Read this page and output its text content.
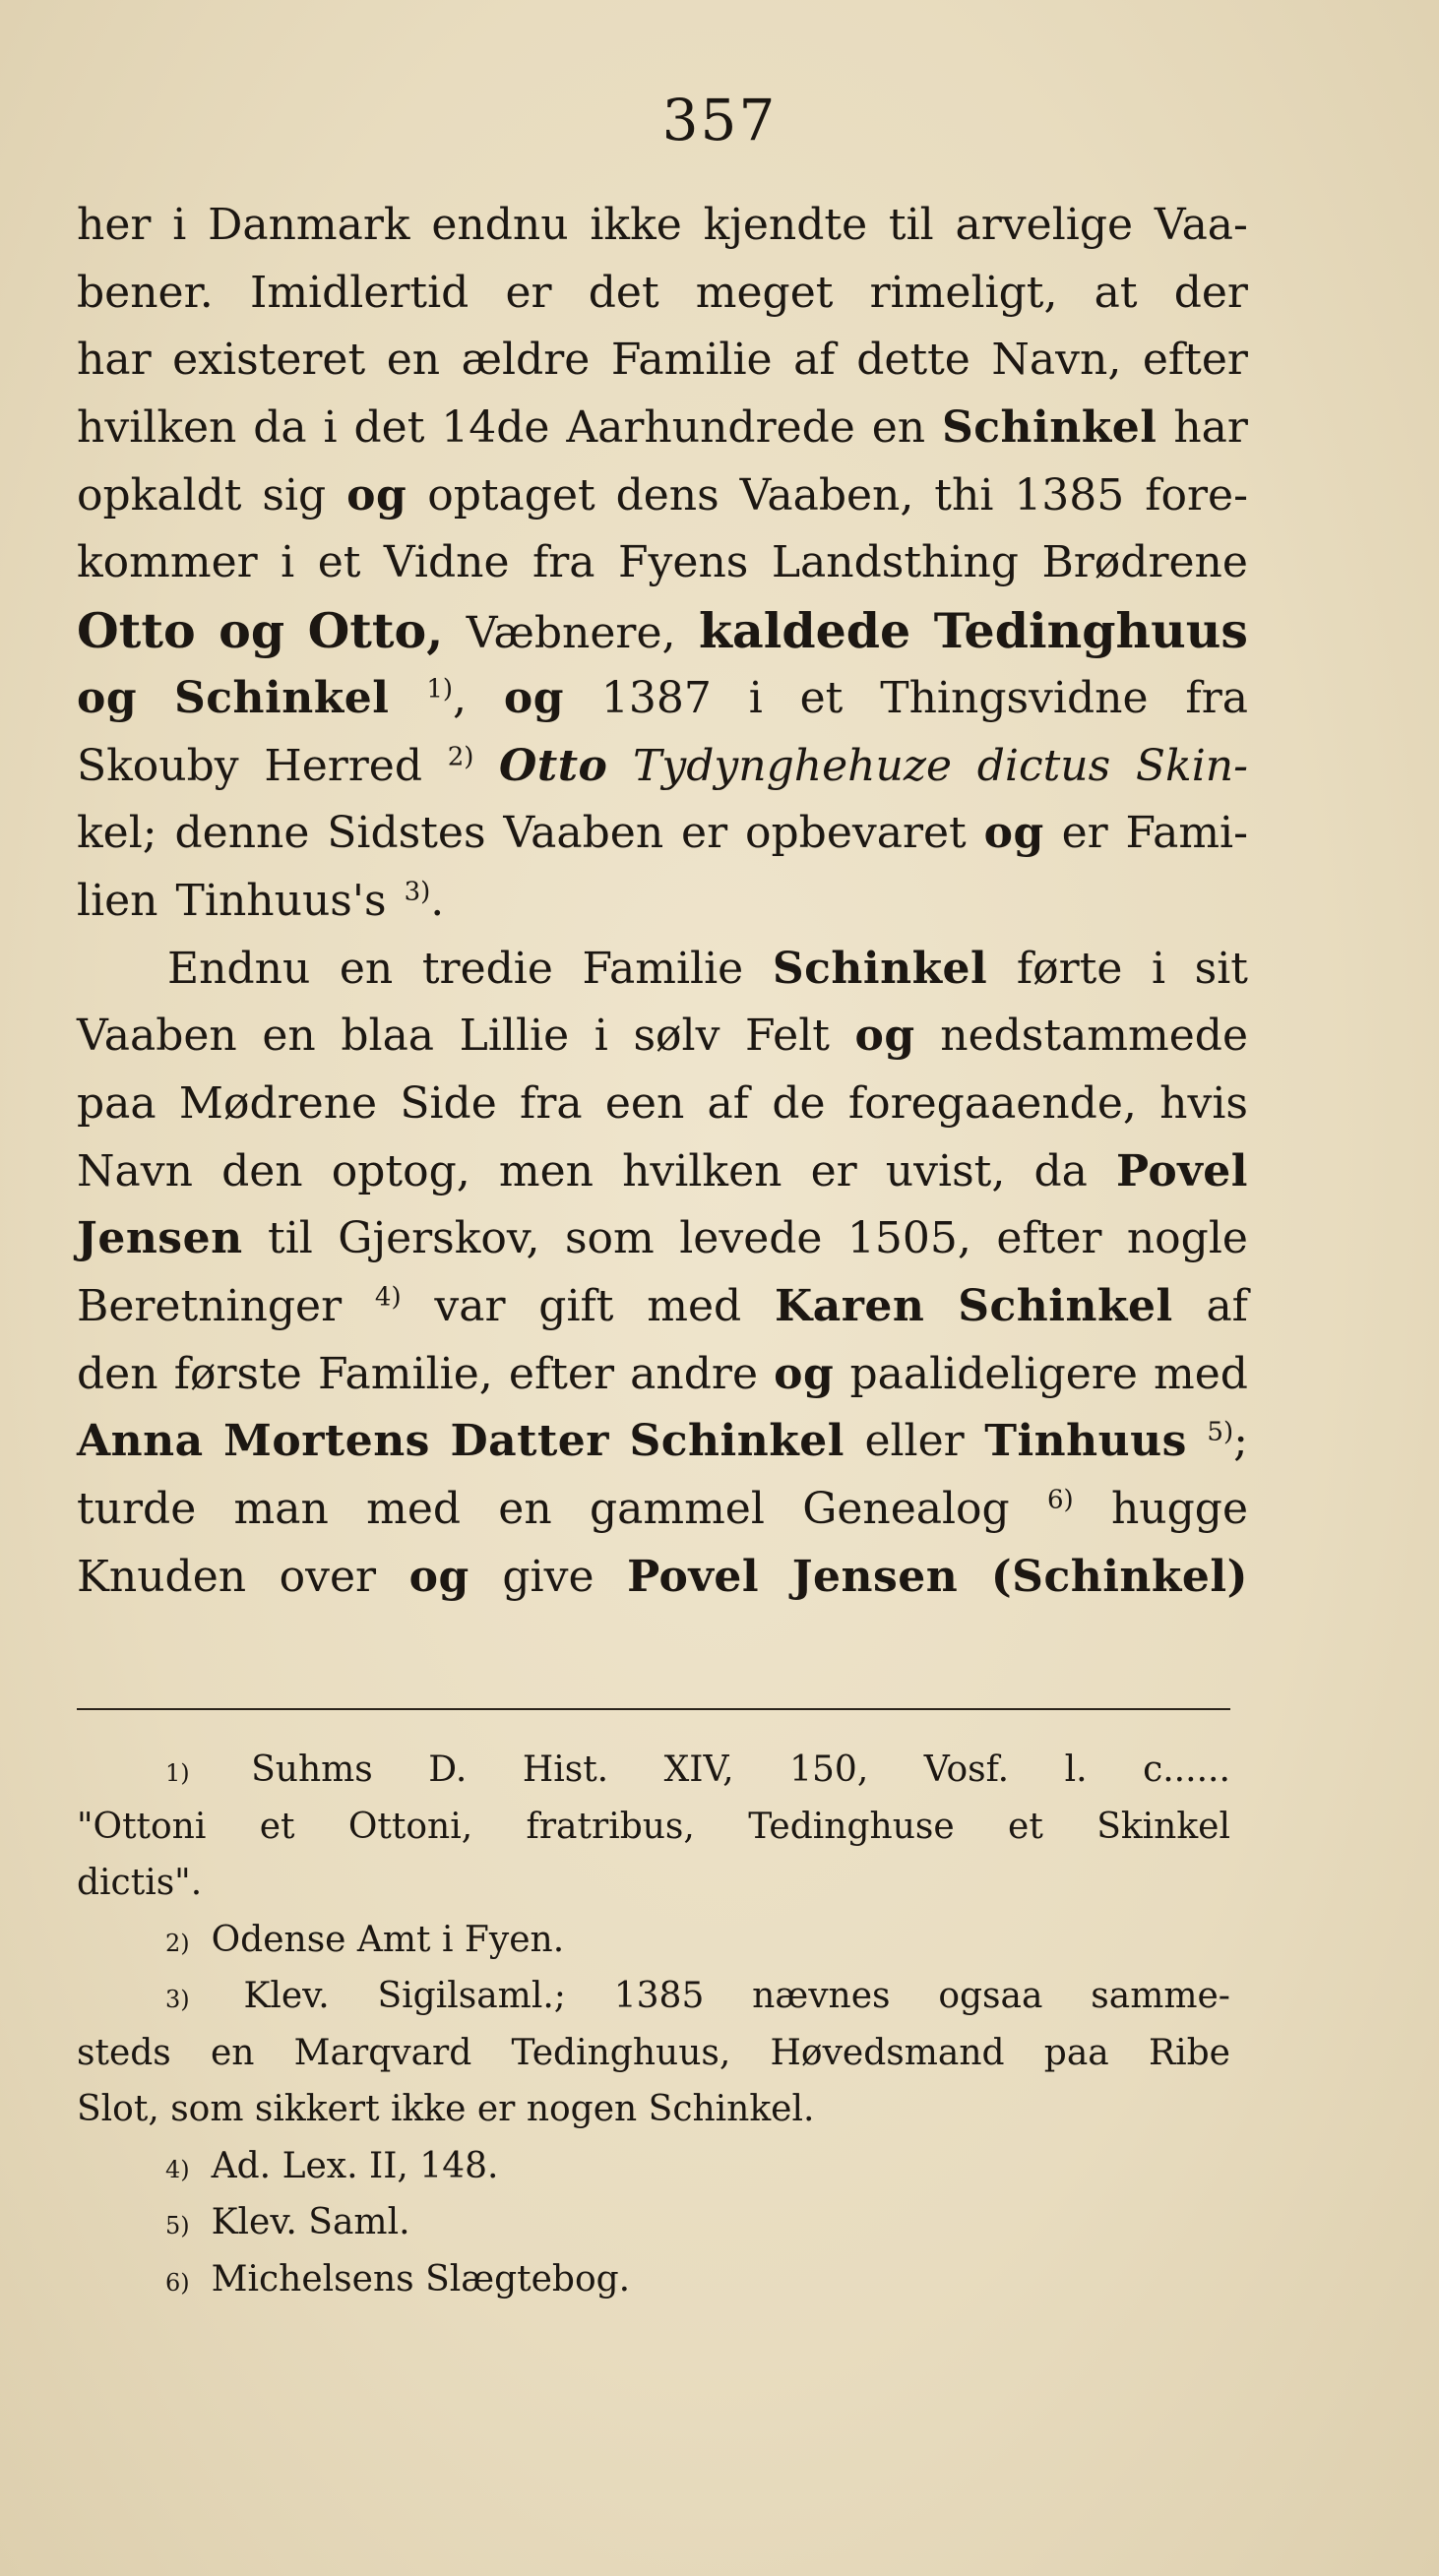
357
her i Danmark endnu ikke kjendte til arvelige Vaa-
bener. Imidlertid er det meget rimeligt, at der
har existeret en ældre Familie af dette Navn, efter
hvilken da i det 14de Aarhundrede en Schinkel har
opkaldt sig og optaget dens Vaaben, thi 1385 fore-
kommer i et Vidne fra Fyens Landsthing Brødrene
Otto og Otto, Væbnere, kaldede Tedinghuus
og Schinkel $^{1)}$, og 1387 i et Thingsvidne fra
Skouby Herred $^{2)}$ Otto Tydynghehuze dictus Skin-
kel; denne Sidstes Vaaben er opbevaret og er Fami-
lien Tinhuus's $^{3)}$.
Endnu en tredie Familie Schinkel førte i sit
Vaaben en blaa Lillie i sølv Felt og nedstammede
paa Mødrene Side fra een af de foregaaende, hvis
Navn den optog, men hvilken er uvist, da Povel
Jensen til Gjerskov, som levede 1505, efter nogle
Beretninger $^{4)}$ var gift med Karen Schinkel af
den første Familie, efter andre og paalideligere med
Anna Mortens Datter Schinkel eller Tinhuus $^{5)}$;
turde man med en gammel Genealog $^{6)}$ hugge
Knuden over og give Povel Jensen (Schinkel)
1) Suhms D. Hist. XIV, 150, Vosf. l. c......
"Ottoni et Ottoni, fratribus, Tedinghuse et Skinkel
dictis".
2) Odense Amt i Fyen.
3) Klev. Sigilsaml.; 1385 nævnes ogsaa samme-
steds en Marqvard Tedinghuus, Høvedsmand paa Ribe
Slot, som sikkert ikke er nogen Schinkel.
4) Ad. Lex. II, 148.
5) Klev. Saml.
6) Michelsens Slægtebog.
